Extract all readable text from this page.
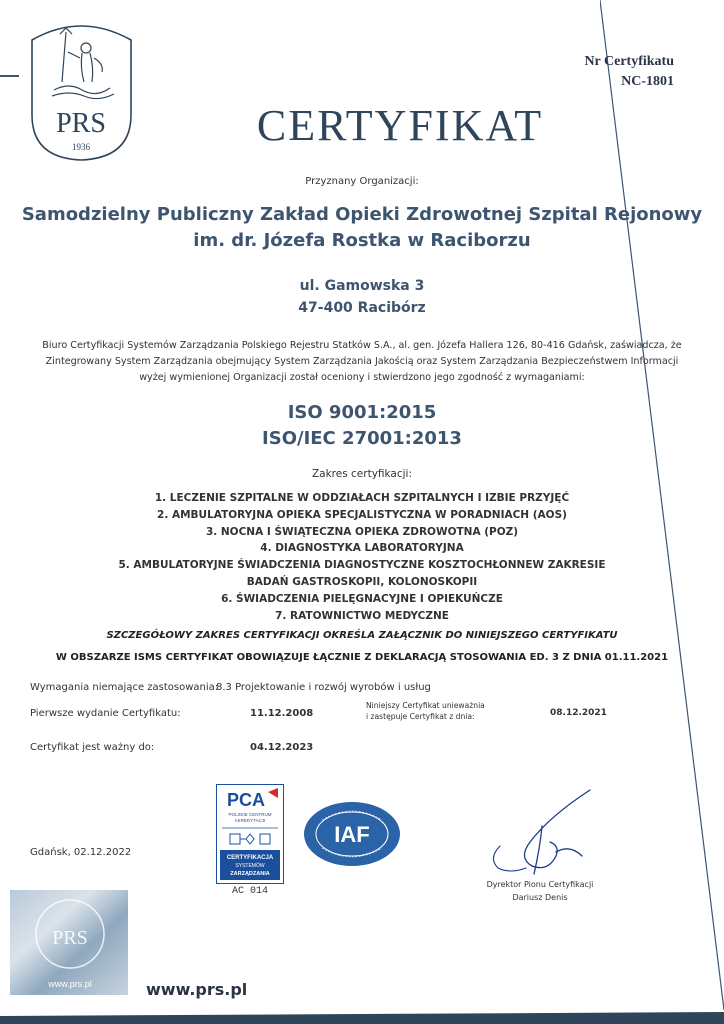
PRS
1936
Nr Certyfikatu
NC-1801
CERTYFIKAT
Przyznany Organizacji:
Samodzielny Publiczny Zakład Opieki Zdrowotnej Szpital Rejonowy
im. dr. Józefa Rostka w Raciborzu
ul. Gamowska 3
47-400 Racibórz
Biuro Certyfikacji Systemów Zarządzania Polskiego Rejestru Statków S.A., al. gen. Józefa Hallera 126, 80-416 Gdańsk, zaświadcza, że
Zintegrowany System Zarządzania obejmujący System Zarządzania Jakością oraz System Zarządzania Bezpieczeństwem Informacji
wyżej wymienionej Organizacji został oceniony i stwierdzono jego zgodność z wymaganiami:
ISO 9001:2015
ISO/IEC 27001:2013
Zakres certyfikacji:
1. LECZENIE SZPITALNE W ODDZIAŁACH SZPITALNYCH I IZBIE PRZYJĘĆ
2. AMBULATORYJNA OPIEKA SPECJALISTYCZNA W PORADNIACH (AOS)
3. NOCNA I ŚWIĄTECZNA OPIEKA ZDROWOTNA (POZ)
4. DIAGNOSTYKA LABORATORYJNA
5. AMBULATORYJNE ŚWIADCZENIA DIAGNOSTYCZNE KOSZTOCHŁONNEW ZAKRESIE
BADAŃ GASTROSKOPII, KOLONOSKOPII
6. ŚWIADCZENIA PIELĘGNACYJNE I OPIEKUŃCZE
7. RATOWNICTWO MEDYCZNE
SZCZEGÓŁOWY ZAKRES CERTYFIKACJI OKREŚLA ZAŁĄCZNIK DO NINIEJSZEGO CERTYFIKATU
W OBSZARZE ISMS CERTYFIKAT OBOWIĄZUJE ŁĄCZNIE Z DEKLARACJĄ STOSOWANIA ED. 3 Z DNIA 01.11.2021
Wymagania niemające zastosowania:
8.3 Projektowanie i rozwój wyrobów i usług
Pierwsze wydanie Certyfikatu:	11.12.2008
Niniejszy Certyfikat unieważnia
i zastępuje Certyfikat z dnia:	08.12.2021
Certyfikat jest ważny do:	04.12.2023
Gdańsk, 02.12.2022
PCA
POLSKIE CENTRUM
AKREDYTACJI
CERTYFIKACJA
SYSTEMÓW
ZARZĄDZANIA
AC 014
IAF
Dyrektor Pionu Certyfikacji
Dariusz Denis
PRS
www.prs.pl	www.prs.pl
